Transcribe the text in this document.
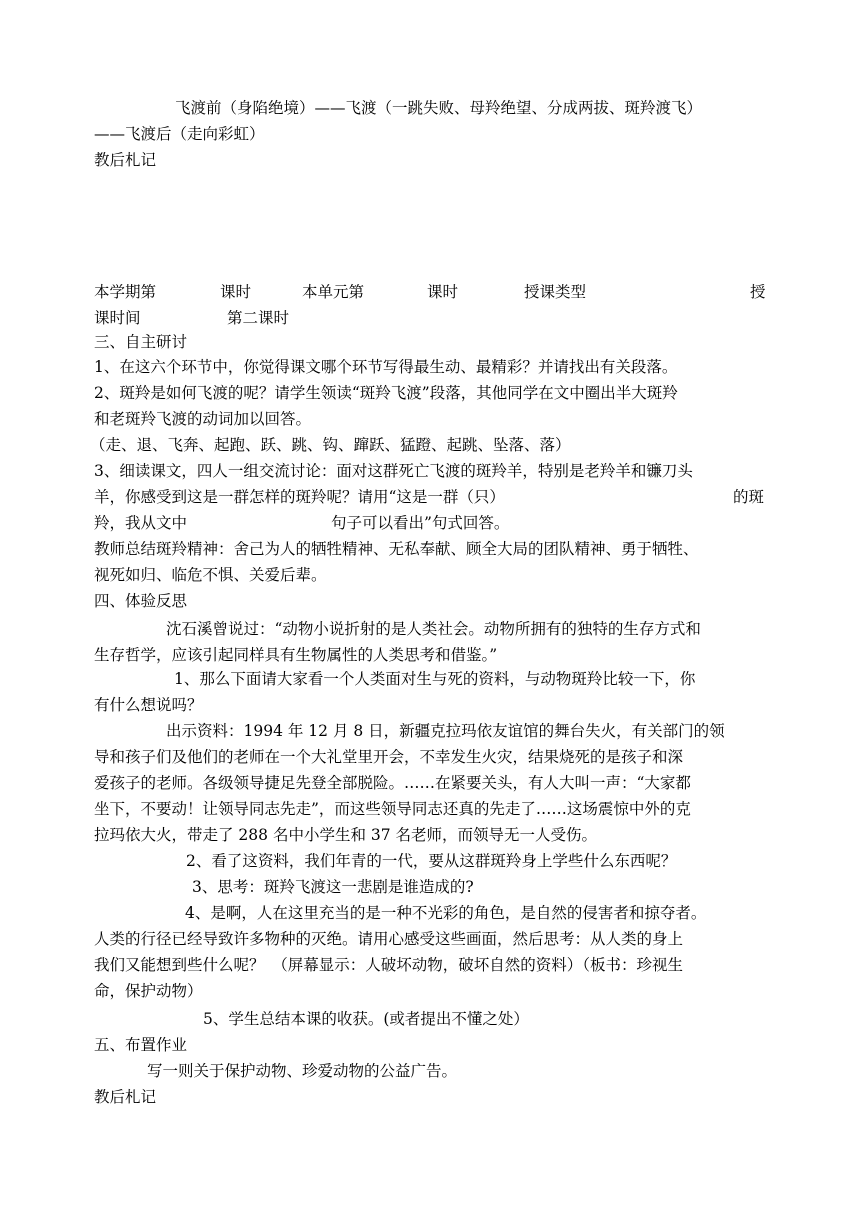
飞渡前（身陷绝境）——飞渡（一跳失败、母羚绝望、分成两拔、斑羚渡飞）
——飞渡后（走向彩虹）
教后札记
本学期第	课时	本单元第	课时	授课类型	授
课时间	第二课时
三、自主研讨
1、在这六个环节中，你觉得课文哪个环节写得最生动、最精彩？并请找出有关段落。
2、斑羚是如何飞渡的呢？请学生领读“斑羚飞渡”段落，其他同学在文中圈出半大斑羚
和老斑羚飞渡的动词加以回答。
（走、退、飞奔、起跑、跃、跳、钩、蹿跃、猛蹬、起跳、坠落、落）
3、细读课文，四人一组交流讨论：面对这群死亡飞渡的斑羚羊，特别是老羚羊和镰刀头
羊，你感受到这是一群怎样的斑羚呢？请用“这是一群（只）	的斑
羚，我从文中	句子可以看出”句式回答。
教师总结斑羚精神：舍己为人的牺牲精神、无私奉献、顾全大局的团队精神、勇于牺牲、
视死如归、临危不惧、关爱后辈。
四、体验反思
沈石溪曾说过：“动物小说折射的是人类社会。动物所拥有的独特的生存方式和
生存哲学，应该引起同样具有生物属性的人类思考和借鉴。”
1、那么下面请大家看一个人类面对生与死的资料，与动物斑羚比较一下，你
有什么想说吗？
出示资料：1994 年 12 月 8 日，新疆克拉玛依友谊馆的舞台失火，有关部门的领
导和孩子们及他们的老师在一个大礼堂里开会，不幸发生火灾，结果烧死的是孩子和深
爱孩子的老师。各级领导捷足先登全部脱险。……在紧要关头，有人大叫一声：“大家都
坐下，不要动！让领导同志先走”，而这些领导同志还真的先走了……这场震惊中外的克
拉玛依大火，带走了 288 名中小学生和 37 名老师，而领导无一人受伤。
2、看了这资料，我们年青的一代，要从这群斑羚身上学些什么东西呢？
3、思考：斑羚飞渡这一悲剧是谁造成的?
4、是啊，人在这里充当的是一种不光彩的角色，是自然的侵害者和掠夺者。
人类的行径已经导致许多物种的灭绝。请用心感受这些画面，然后思考：从人类的身上
我们又能想到些什么呢？　（屏幕显示：人破坏动物，破坏自然的资料）（板书：珍视生
命，保护动物）
5、学生总结本课的收获。(或者提出不懂之处）
五、布置作业
写一则关于保护动物、珍爱动物的公益广告。
教后札记
